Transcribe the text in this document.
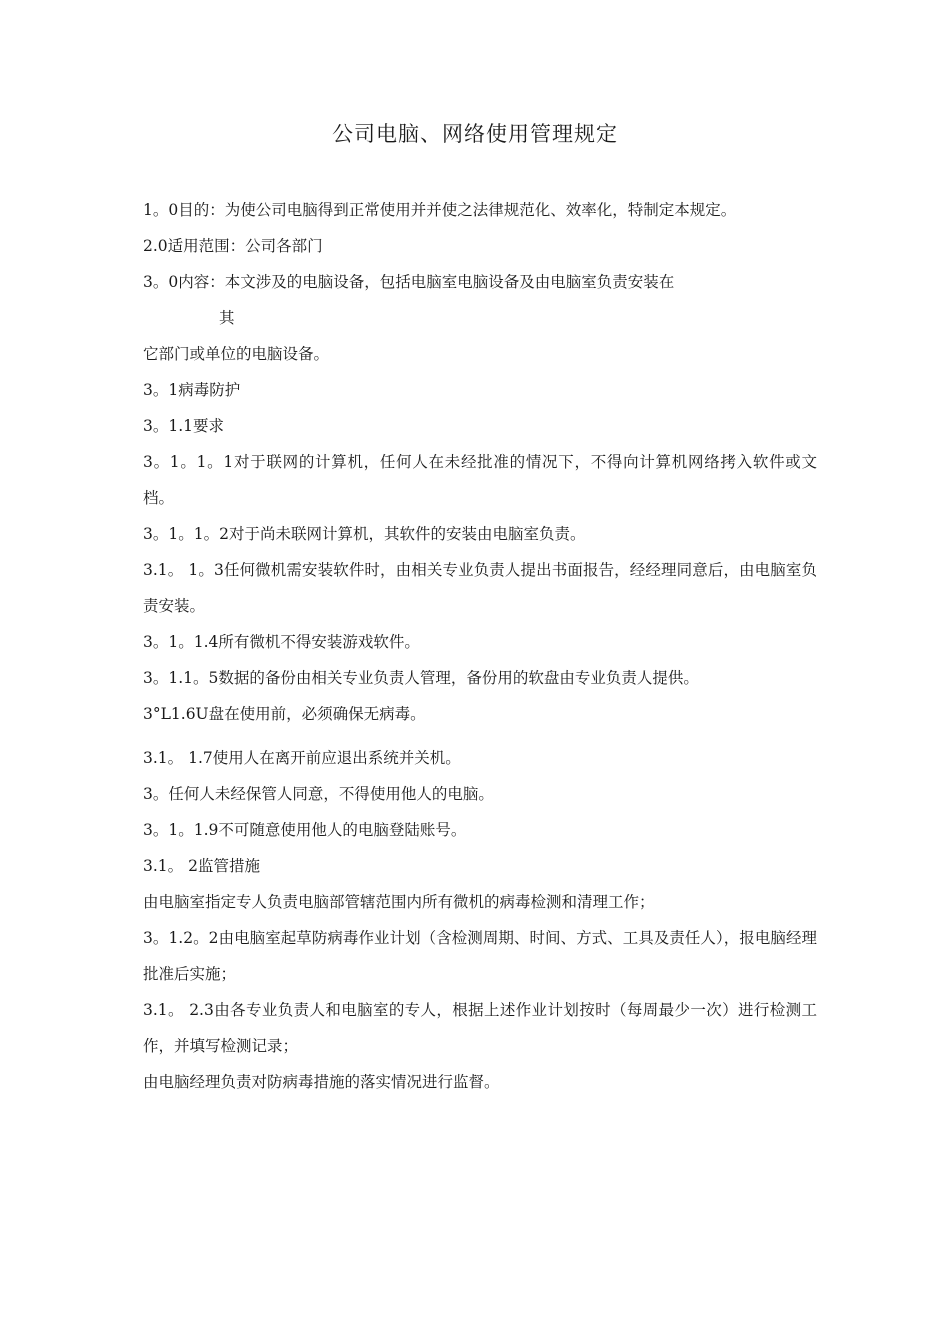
公司电脑、网络使用管理规定

1。0目的：为使公司电脑得到正常使用并并使之法律规范化、效率化，特制定本规定。

2.0适用范围：公司各部门

3。0内容：本文涉及的电脑设备，包括电脑室电脑设备及由电脑室负责安装在

其

它部门或单位的电脑设备。

3。1病毒防护

3。1.1要求

3。1。1。1对于联网的计算机，任何人在未经批准的情况下，不得向计算机网络拷入软件或文档。

3。1。1。2对于尚未联网计算机，其软件的安装由电脑室负责。

3.1。 1。3任何微机需安装软件时，由相关专业负责人提出书面报告，经经理同意后，由电脑室负责安装。

3。1。1.4所有微机不得安装游戏软件。

3。1.1。5数据的备份由相关专业负责人管理，备份用的软盘由专业负责人提供。

3°L1.6U盘在使用前，必须确保无病毒。

3.1。 1.7使用人在离开前应退出系统并关机。

3。任何人未经保管人同意，不得使用他人的电脑。

3。1。1.9不可随意使用他人的电脑登陆账号。

3.1。 2监管措施

由电脑室指定专人负责电脑部管辖范围内所有微机的病毒检测和清理工作；

3。1.2。2由电脑室起草防病毒作业计划（含检测周期、时间、方式、工具及责任人），报电脑经理批准后实施；

3.1。 2.3由各专业负责人和电脑室的专人，根据上述作业计划按时（每周最少一次）进行检测工作，并填写检测记录；

由电脑经理负责对防病毒措施的落实情况进行监督。
